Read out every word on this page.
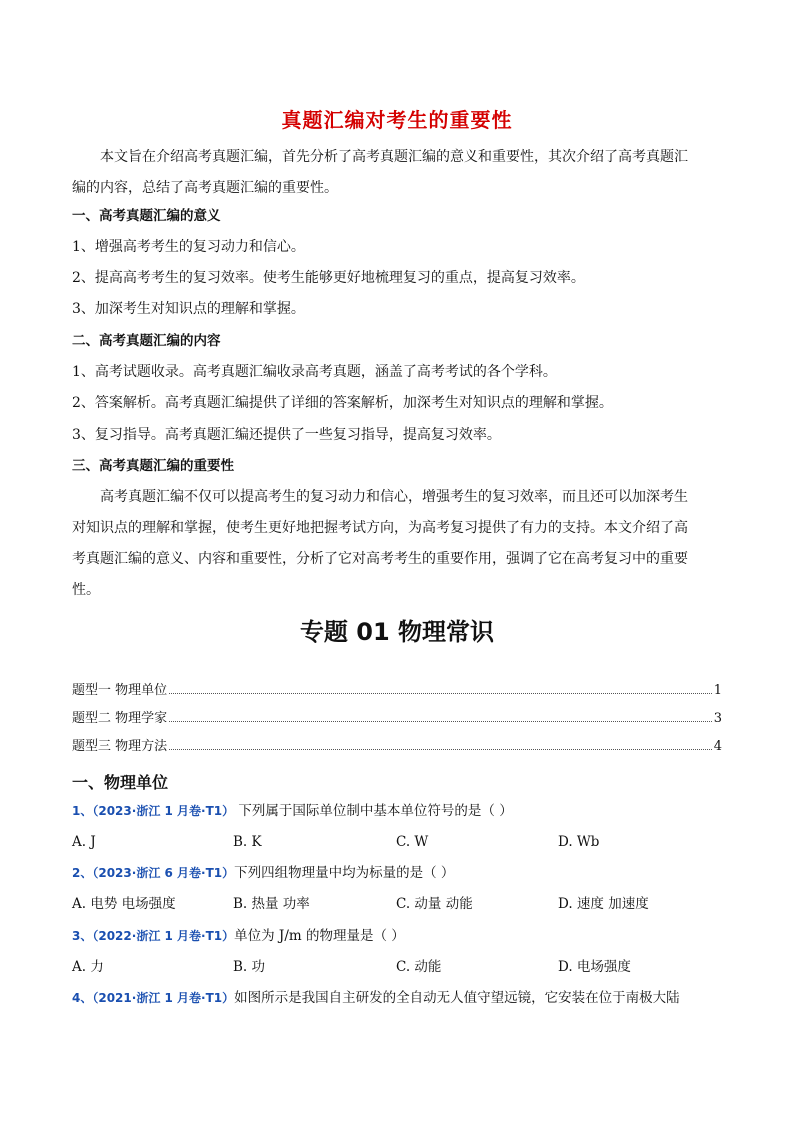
真题汇编对考生的重要性

本文旨在介绍高考真题汇编，首先分析了高考真题汇编的意义和重要性，其次介绍了高考真题汇

编的内容，总结了高考真题汇编的重要性。

一、高考真题汇编的意义
1、增强高考考生的复习动力和信心。
2、提高高考考生的复习效率。使考生能够更好地梳理复习的重点，提高复习效率。
3、加深考生对知识点的理解和掌握。
二、高考真题汇编的内容
1、高考试题收录。高考真题汇编收录高考真题，涵盖了高考考试的各个学科。
2、答案解析。高考真题汇编提供了详细的答案解析，加深考生对知识点的理解和掌握。
3、复习指导。高考真题汇编还提供了一些复习指导，提高复习效率。
三、高考真题汇编的重要性

高考真题汇编不仅可以提高考生的复习动力和信心，增强考生的复习效率，而且还可以加深考生

对知识点的理解和掌握，使考生更好地把握考试方向，为高考复习提供了有力的支持。本文介绍了高

考真题汇编的意义、内容和重要性，分析了它对高考考生的重要作用，强调了它在高考复习中的重要

性。

专题 01 物理常识
题型一 物理单位	1
题型二 物理学家	3
题型三 物理方法	4
一、物理单位
1、（2023·浙江 1 月卷·T1） 下列属于国际单位制中基本单位符号的是（ ）
A. J	B. K	C. W	D. Wb
2、（2023·浙江 6 月卷·T1）下列四组物理量中均为标量的是（ ）
A. 电势 电场强度	B. 热量 功率	C. 动量 动能	D. 速度 加速度
3、（2022·浙江 1 月卷·T1）单位为 J/m 的物理量是（ ）
A. 力	B. 功	C. 动能	D. 电场强度
4、（2021·浙江 1 月卷·T1）如图所示是我国自主研发的全自动无人值守望远镜，它安装在位于南极大陆
